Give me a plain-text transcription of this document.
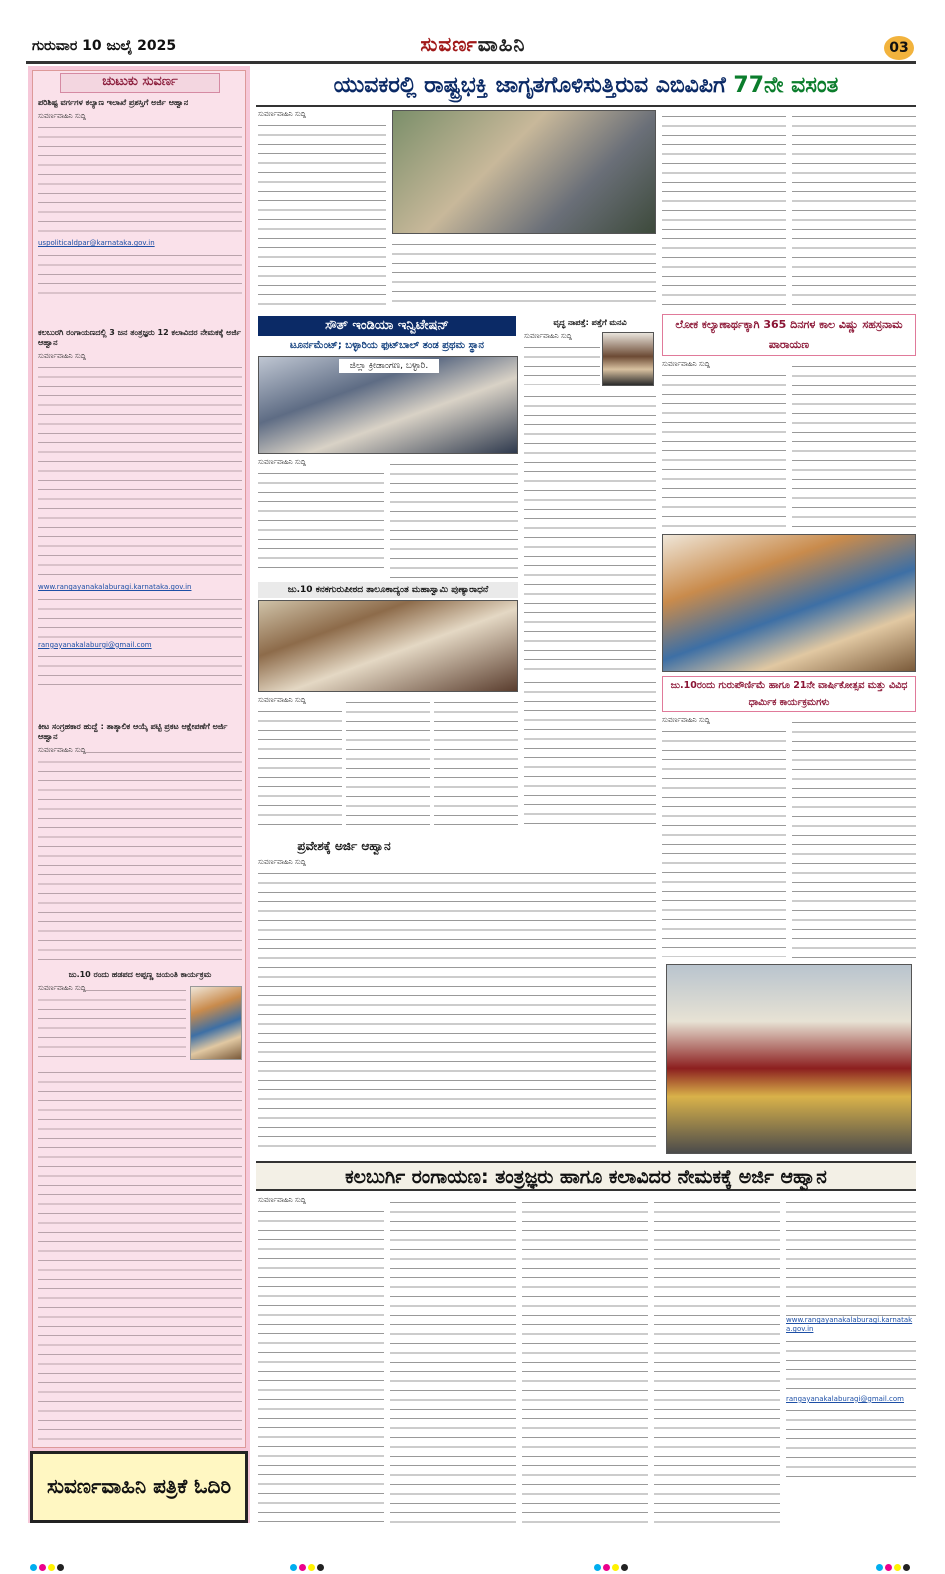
ಗುರುವಾರ 10 ಜುಲೈ 2025	ಸುವರ್ಣವಾಹಿನಿ	03
ಚುಟುಕು ಸುವರ್ಣ
ಪರಿಶಿಷ್ಟ ವರ್ಗಗಳ ಕಲ್ಯಾಣ ಇಲಾಖೆ ಪ್ರಶಸ್ತಿಗೆ ಅರ್ಜಿ ಆಹ್ವಾನ
ಸುವರ್ಣವಾಹಿನಿ ಸುದ್ದಿ

uspoliticaldpar@karnataka.gov.in
ಕಲಬುರಗಿ ರಂಗಾಯಣದಲ್ಲಿ 3 ಜನ ತಂತ್ರಜ್ಞರು 12 ಕಲಾವಿದರ ನೇಮಕಕ್ಕೆ ಅರ್ಜಿ ಆಹ್ವಾನ
ಸುವರ್ಣವಾಹಿನಿ ಸುದ್ದಿ

www.rangayanakalaburagi.karnataka.gov.in
rangayanakalaburgi@gmail.com
ಕೀಟ ಸಂಗ್ರಹಕಾರ ಹುದ್ದೆ : ತಾತ್ಕಾಲಿಕ ಆಯ್ಕೆ ಪಟ್ಟಿ ಪ್ರಕಟ ಆಕ್ಷೇಪಣೆಗೆ ಅರ್ಜಿ ಆಹ್ವಾನ
ಸುವರ್ಣವಾಹಿನಿ ಸುದ್ದಿ
ಜು.10 ರಂದು ಹಡಪದ ಅಪ್ಪಣ್ಣ ಜಯಂತಿ ಕಾರ್ಯಕ್ರಮ
ಸುವರ್ಣವಾಹಿನಿ ಸುದ್ದಿ
ಸುವರ್ಣವಾಹಿನಿ ಪತ್ರಿಕೆ ಓದಿರಿ
ಯುವಕರಲ್ಲಿ ರಾಷ್ಟ್ರಭಕ್ತಿ ಜಾಗೃತಗೊಳಿಸುತ್ತಿರುವ ಎಬಿವಿಪಿಗೆ 77ನೇ ವಸಂತ
ಸುವರ್ಣವಾಹಿನಿ ಸುದ್ದಿ
ಸೌತ್ ಇಂಡಿಯಾ ಇನ್ವಿಟೇಷನ್
ಟೂರ್ನಮೆಂಟ್; ಬಳ್ಳಾರಿಯ ಫುಟ್‌ಬಾಲ್ ತಂಡ ಪ್ರಥಮ ಸ್ಥಾನ
ಜಿಲ್ಲಾ ಕ್ರೀಡಾಂಗಣ, ಬಳ್ಳಾರಿ.
ಸುವರ್ಣವಾಹಿನಿ ಸುದ್ದಿ
ಜು.10 ಕನಕಗುರುಪೀಠದ ತಾಲೂಕಾದ್ಯಂತ ಮಹಾಸ್ವಾಮಿ ಪುಣ್ಯಾರಾಧನೆ
ಸುವರ್ಣವಾಹಿನಿ ಸುದ್ದಿ
ವೃದ್ಧ ನಾಪತ್ತೆ: ಪತ್ತೆಗೆ ಮನವಿ
ಸುವರ್ಣವಾಹಿನಿ ಸುದ್ದಿ
ಲೋಕ ಕಲ್ಯಾಣಾರ್ಥಕ್ಕಾಗಿ 365 ದಿನಗಳ ಕಾಲ ವಿಷ್ಣು ಸಹಸ್ರನಾಮ ಪಾರಾಯಣ
ಸುವರ್ಣವಾಹಿನಿ ಸುದ್ದಿ
ಜು.10ರಂದು ಗುರುಪೌರ್ಣಿಮೆ ಹಾಗೂ 21ನೇ ವಾರ್ಷಿಕೋತ್ಸವ ಮತ್ತು ವಿವಿಧ ಧಾರ್ಮಿಕ ಕಾರ್ಯಕ್ರಮಗಳು
ಸುವರ್ಣವಾಹಿನಿ ಸುದ್ದಿ
ಪ್ರವೇಶಕ್ಕೆ ಅರ್ಜಿ ಆಹ್ವಾನ
ಸುವರ್ಣವಾಹಿನಿ ಸುದ್ದಿ
ಕಲಬುರ್ಗಿ ರಂಗಾಯಣ: ತಂತ್ರಜ್ಞರು ಹಾಗೂ ಕಲಾವಿದರ ನೇಮಕಕ್ಕೆ ಅರ್ಜಿ ಆಹ್ವಾನ
ಸುವರ್ಣವಾಹಿನಿ ಸುದ್ದಿ
www.rangayanakalaburagi.karnataka.gov.in
rangayanakalaburagi@gmail.com
